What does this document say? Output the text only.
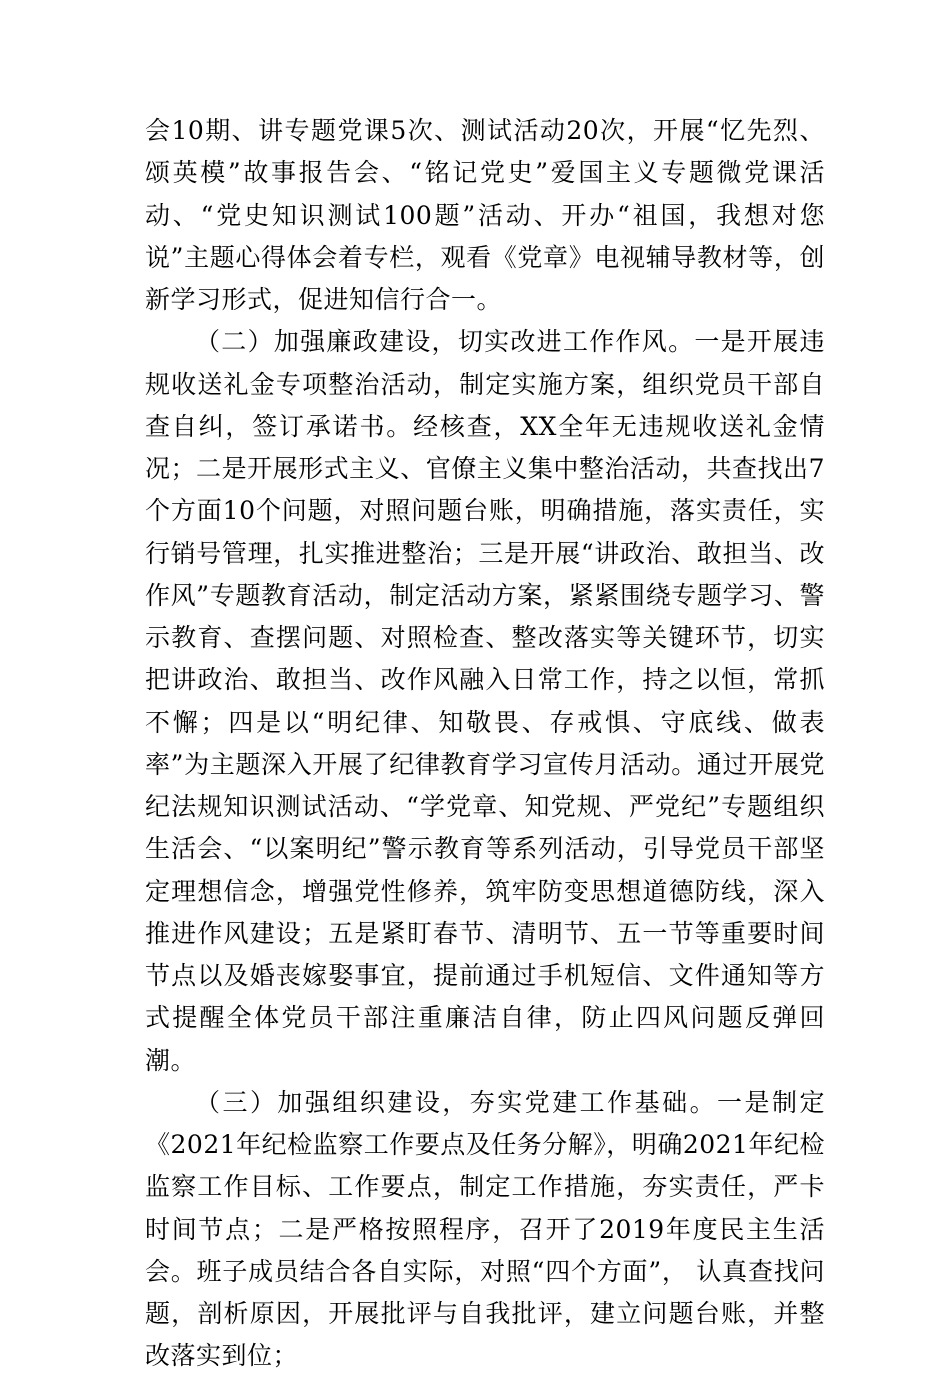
会10期、讲专题党课5次、测试活动20次，开展“忆先烈、颂英模”故事报告会、“铭记党史”爱国主义专题微党课活动、“党史知识测试100题”活动、开办“祖国，我想对您说”主题心得体会着专栏，观看《党章》电视辅导教材等，创新学习形式，促进知信行合一。

（二）加强廉政建设，切实改进工作作风。一是开展违规收送礼金专项整治活动，制定实施方案，组织党员干部自查自纠，签订承诺书。经核查，XX全年无违规收送礼金情况；二是开展形式主义、官僚主义集中整治活动，共查找出7个方面10个问题，对照问题台账，明确措施，落实责任，实行销号管理，扎实推进整治；三是开展“讲政治、敢担当、改作风”专题教育活动，制定活动方案，紧紧围绕专题学习、警示教育、查摆问题、对照检查、整改落实等关键环节，切实把讲政治、敢担当、改作风融入日常工作，持之以恒，常抓不懈；四是以“明纪律、知敬畏、存戒惧、守底线、做表率”为主题深入开展了纪律教育学习宣传月活动。通过开展党纪法规知识测试活动、“学党章、知党规、严党纪”专题组织生活会、“以案明纪”警示教育等系列活动，引导党员干部坚定理想信念，增强党性修养，筑牢防变思想道德防线，深入推进作风建设；五是紧盯春节、清明节、五一节等重要时间节点以及婚丧嫁娶事宜，提前通过手机短信、文件通知等方式提醒全体党员干部注重廉洁自律，防止四风问题反弹回潮。

（三）加强组织建设，夯实党建工作基础。一是制定《2021年纪检监察工作要点及任务分解》，明确2021年纪检监察工作目标、工作要点，制定工作措施，夯实责任，严卡时间节点；二是严格按照程序，召开了2019年度民主生活会。班子成员结合各自实际，对照“四个方面”， 认真查找问题，剖析原因，开展批评与自我批评，建立问题台账，并整改落实到位；
